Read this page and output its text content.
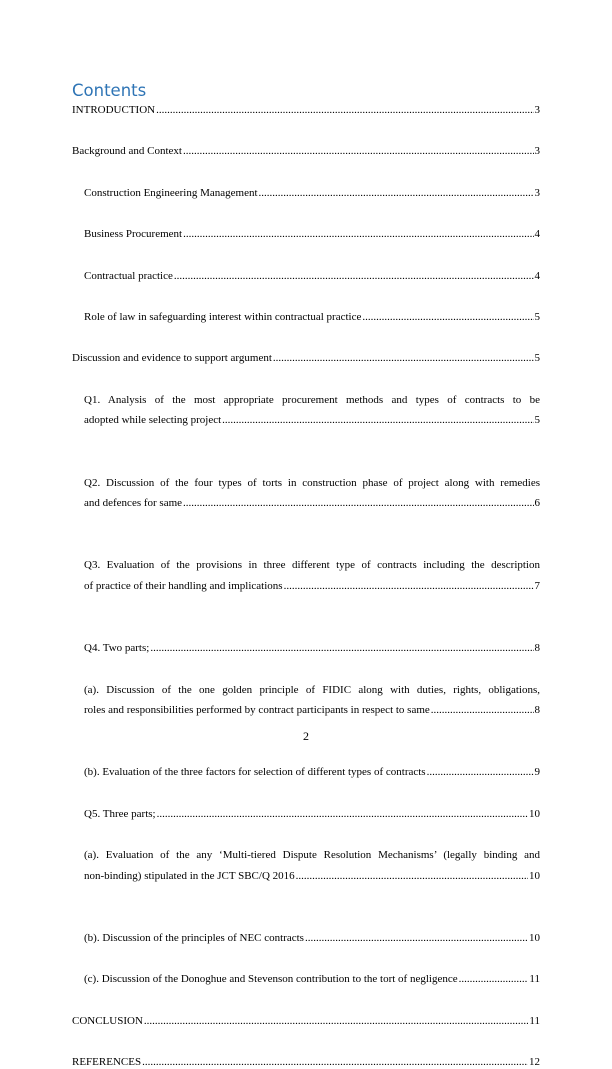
Contents
INTRODUCTION .....	3
Background and Context .....	3
Construction Engineering Management .....	3
Business Procurement .....	4
Contractual practice .....	4
Role of law in safeguarding interest within contractual practice .....	5
Discussion and evidence to support argument .....	5
Q1. Analysis of the most appropriate procurement methods and types of contracts to be
adopted while selecting project .....	5
Q2. Discussion of the four types of torts in construction phase of project along with remedies
and defences for same .....	6
Q3. Evaluation of the provisions in three different type of contracts including the description
of practice of their handling and implications .....	7
Q4. Two parts; .....	8
(a). Discussion of the one golden principle of FIDIC along with duties, rights, obligations,
roles and responsibilities performed by contract participants in respect to same .....	8
(b). Evaluation of the three factors for selection of different types of contracts .....	9
Q5. Three parts; .....	10
(a). Evaluation of the any ‘Multi-tiered Dispute Resolution Mechanisms’ (legally binding and
non-binding) stipulated in the JCT SBC/Q 2016 .....	10
(b). Discussion of the principles of NEC contracts .....	10
(c). Discussion of the Donoghue and Stevenson contribution to the tort of negligence .....	11
CONCLUSION .....	11
REFERENCES .....	12
2
